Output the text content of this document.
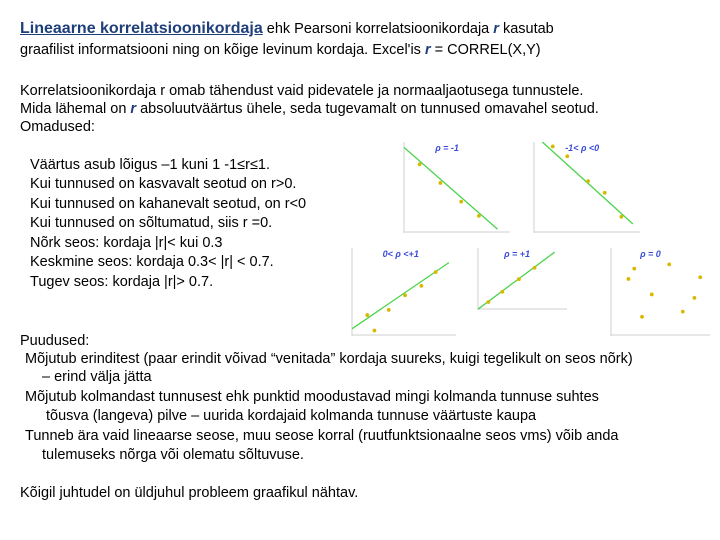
Lineaarne korrelatsioonikordaja ehk Pearsoni korrelatsioonikordaja r kasutab
graafilist informatsiooni ning on kõige levinum kordaja. Excel'is r = CORREL(X,Y)
Korrelatsioonikordaja r omab tähendust vaid pidevatele ja normaaljaotusega tunnustele.
Mida lähemal on r absoluutväärtus ühele, seda tugevamalt on tunnused omavahel seotud.
Omadused:
Väärtus asub lõigus –1 kuni 1 -1≤r≤1.
Kui tunnused on kasvavalt seotud on r>0.
Kui tunnused on kahanevalt seotud, on r<0
Kui tunnused on sõltumatud, siis r =0.
Nõrk seos: kordaja |r|< kui 0.3
Keskmine seos: kordaja 0.3< |r| < 0.7.
Tugev seos: kordaja |r|> 0.7.
ρ = -1	-1< ρ <0
0< ρ <+1	ρ = +1	ρ = 0
Puudused:
Mõjutub erinditest (paar erindit võivad “venitada” kordaja suureks, kuigi tegelikult on seos nõrk)
– erind välja jätta
Mõjutub kolmandast tunnusest ehk punktid moodustavad mingi kolmanda tunnuse suhtes
tõusva (langeva) pilve – uurida kordajaid kolmanda tunnuse väärtuste kaupa
Tunneb ära vaid lineaarse seose, muu seose korral (ruutfunktsionaalne seos vms) võib anda
tulemuseks nõrga või olematu sõltuvuse.
Kõigil juhtudel on üldjuhul probleem graafikul nähtav.
